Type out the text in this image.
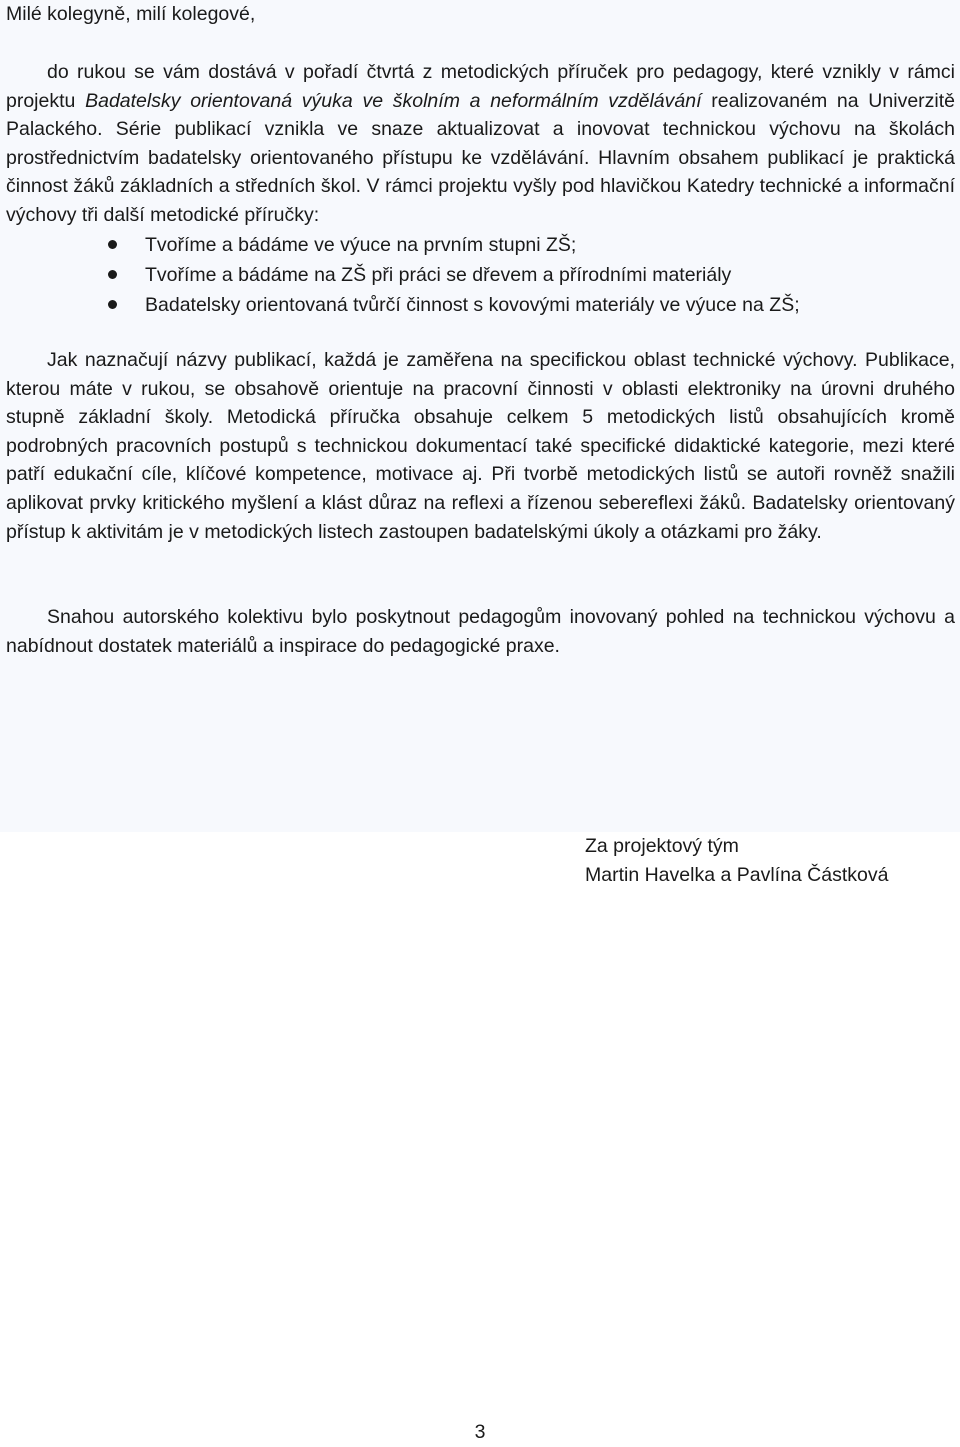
Milé kolegyně, milí kolegové,

do rukou se vám dostává v pořadí čtvrtá z metodických příruček pro pedagogy, které vznikly v rámci projektu Badatelsky orientovaná výuka ve školním a neformálním vzdělávání realizovaném na Univerzitě Palackého. Série publikací vznikla ve snaze aktualizovat a inovovat technickou výchovu na školách prostřednictvím badatelsky orientovaného přístupu ke vzdělávání. Hlavním obsahem publikací je praktická činnost žáků základních a středních škol. V rámci projektu vyšly pod hlavičkou Katedry technické a informační výchovy tři další metodické příručky:

Tvoříme a bádáme ve výuce na prvním stupni ZŠ;
Tvoříme a bádáme na ZŠ při práci se dřevem a přírodními materiály
Badatelsky orientovaná tvůrčí činnost s kovovými materiály ve výuce na ZŠ;

Jak naznačují názvy publikací, každá je zaměřena na specifickou oblast technické výchovy. Publikace, kterou máte v rukou, se obsahově orientuje na pracovní činnosti v oblasti elektroniky na úrovni druhého stupně základní školy. Metodická příručka obsahuje celkem 5 metodických listů obsahujících kromě podrobných pracovních postupů s technickou dokumentací také specifické didaktické kategorie, mezi které patří edukační cíle, klíčové kompetence, motivace aj. Při tvorbě metodických listů se autoři rovněž snažili aplikovat prvky kritického myšlení a klást důraz na reflexi a řízenou sebereflexi žáků. Badatelsky orientovaný přístup k aktivitám je v metodických listech zastoupen badatelskými úkoly a otázkami pro žáky.

Snahou autorského kolektivu bylo poskytnout pedagogům inovovaný pohled na technickou výchovu a nabídnout dostatek materiálů a inspirace do pedagogické praxe.

Za projektový tým
Martin Havelka a Pavlína Částková

3
